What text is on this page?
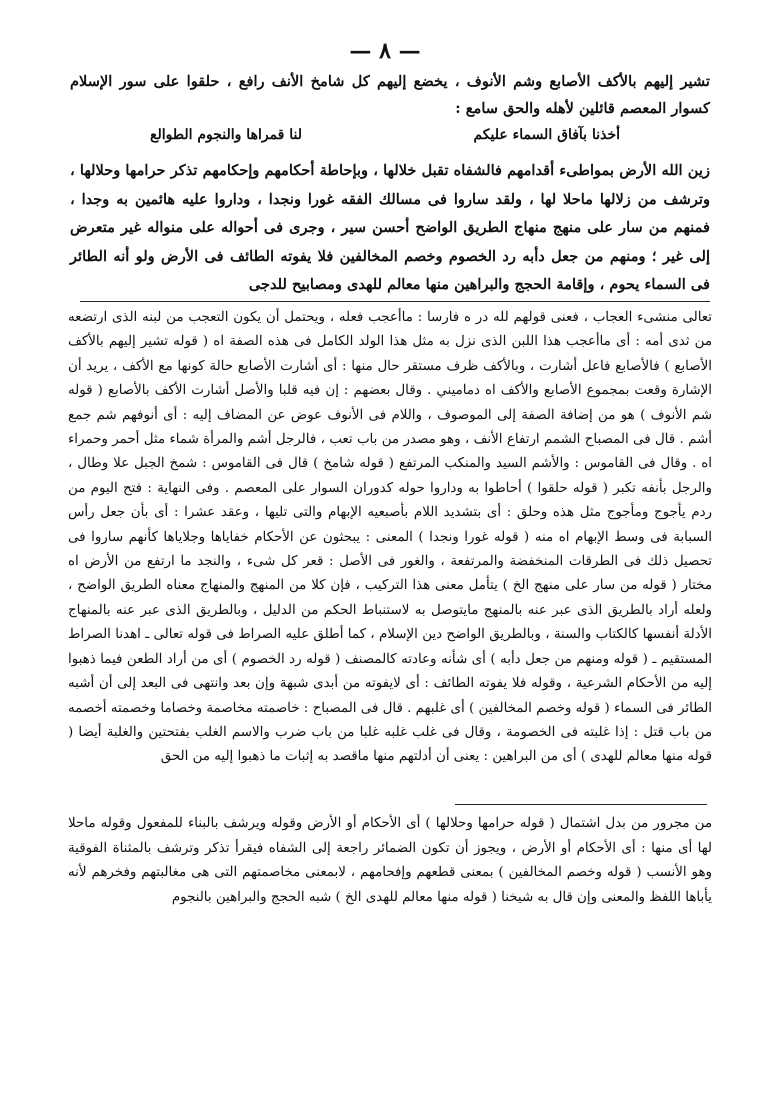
— ٨ —

تشير إليهم بالأكف الأصابع وشم الأنوف ، يخضع إليهم كل شامخ الأنف رافع ، حلقوا على سور الإسلام كسوار المعصم قائلين لأهله والحق سامع :

أخذنا بآفاق السماء عليكم
لنا قمراها والنجوم الطوالع

زين الله الأرض بمواطىء أقدامهم فالشفاه تقبل خلالها ، وبإحاطة أحكامهم وإحكامهم تذكر حرامها وحلالها ، وترشف من زلالها ماحلا لها ، ولقد ساروا فى مسالك الفقه غورا ونجدا ، وداروا عليه هائمين به وجدا ، فمنهم من سار على منهج منهاج الطريق الواضح أحسن سير ، وجرى فى أحواله على منواله غير متعرض إلى غير ؛ ومنهم من جعل دأبه رد الخصوم وخصم المخالفين فلا يفوته الطائف فى الأرض ولو أنه الطائر فى السماء يحوم ، وإقامة الحجج والبراهين منها معالم للهدى ومصابيح للدجى

تعالى منشىء العجاب ، فعنى قولهم لله در ه فارسا : ماأعجب فعله ، ويحتمل أن يكون التعجب من لبنه الذى ارتضعه من ثدى أمه : أى ماأعجب هذا اللبن الذى نزل به مثل هذا الولد الكامل فى هذه الصفة اه ( قوله تشير إليهم بالأكف الأصابع ) فالأصابع فاعل أشارت ، وبالأكف ظرف مستقر حال منها : أى أشارت الأصابع حالة كونها مع الأكف ، يريد أن الإشارة وقعت بمجموع الأصابع والأكف اه دماميني . وقال بعضهم : إن فيه قلبا والأصل أشارت الأكف بالأصابع ( قوله شم الأنوف ) هو من إضافة الصفة إلى الموصوف ، واللام فى الأنوف عوض عن المضاف إليه : أى أنوفهم شم جمع أشم . قال فى المصباح الشمم ارتفاع الأنف ، وهو مصدر من باب تعب ، فالرجل أشم والمرأة شماء مثل أحمر وحمراء اه . وقال فى القاموس : والأشم السيد والمنكب المرتفع ( قوله شامخ ) قال فى القاموس : شمخ الجبل علا وطال ، والرجل بأنفه تكبر ( قوله حلقوا ) أحاطوا به وداروا حوله كدوران السوار على المعصم . وفى النهاية : فتح اليوم من ردم يأجوج ومأجوج مثل هذه وحلق : أى بتشديد اللام بأصبعيه الإبهام والتى تليها ، وعقد عشرا : أى بأن جعل رأس السبابة فى وسط الإبهام اه منه ( قوله غورا ونجدا ) المعنى : يبحثون عن الأحكام خفاياها وجلاياها كأنهم ساروا فى تحصيل ذلك فى الطرقات المنخفضة والمرتفعة ، والغور فى الأصل : قعر كل شىء ، والنجد ما ارتفع من الأرض اه مختار ( قوله من سار على منهج الخ ) يتأمل معنى هذا التركيب ، فإن كلا من المنهج والمنهاج معناه الطريق الواضح ، ولعله أراد بالطريق الذى عبر عنه بالمنهج مايتوصل به لاستنباط الحكم من الدليل ، وبالطريق الذى عبر عنه بالمنهاج الأدلة أنفسها كالكتاب والسنة ، وبالطريق الواضح دين الإسلام ، كما أطلق عليه الصراط فى قوله تعالى ـ اهدنا الصراط المستقيم ـ ( قوله ومنهم من جعل دأبه ) أى شأنه وعادته كالمصنف ( قوله رد الخصوم ) أى من أراد الطعن فيما ذهبوا إليه من الأحكام الشرعية ، وقوله فلا يفوته الطائف : أى لايفوته من أبدى شبهة وإن بعد وانتهى فى البعد إلى أن أشبه الطائر فى السماء ( قوله وخصم المخالفين ) أى غلبهم . قال فى المصباح : خاصمته مخاصمة وخصاما وخصمته أخصمه من باب قتل : إذا غلبته فى الخصومة ، وقال فى غلب غلبه غلبا من باب ضرب والاسم الغلب بفتحتين والغلبة أيضا ( قوله منها معالم للهدى ) أى من البراهين : يعنى أن أدلتهم منها ماقصد به إثبات ما ذهبوا إليه من الحق

من مجرور من بدل اشتمال ( قوله حرامها وحلالها ) أى الأحكام أو الأرض وقوله ويرشف بالبناء للمفعول وقوله ماحلا لها أى منها : أى الأحكام أو الأرض ، ويجوز أن تكون الضمائر راجعة إلى الشفاه فيقرأ تذكر وترشف بالمثناة الفوقية وهو الأنسب ( قوله وخصم المخالفين ) بمعنى قطعهم وإفحامهم ، لابمعنى مخاصمتهم التى هى مغالبتهم وفخرهم لأنه يأباها اللفظ والمعنى وإن قال به شيخنا ( قوله منها معالم للهدى الخ ) شبه الحجج والبراهين بالنجوم
